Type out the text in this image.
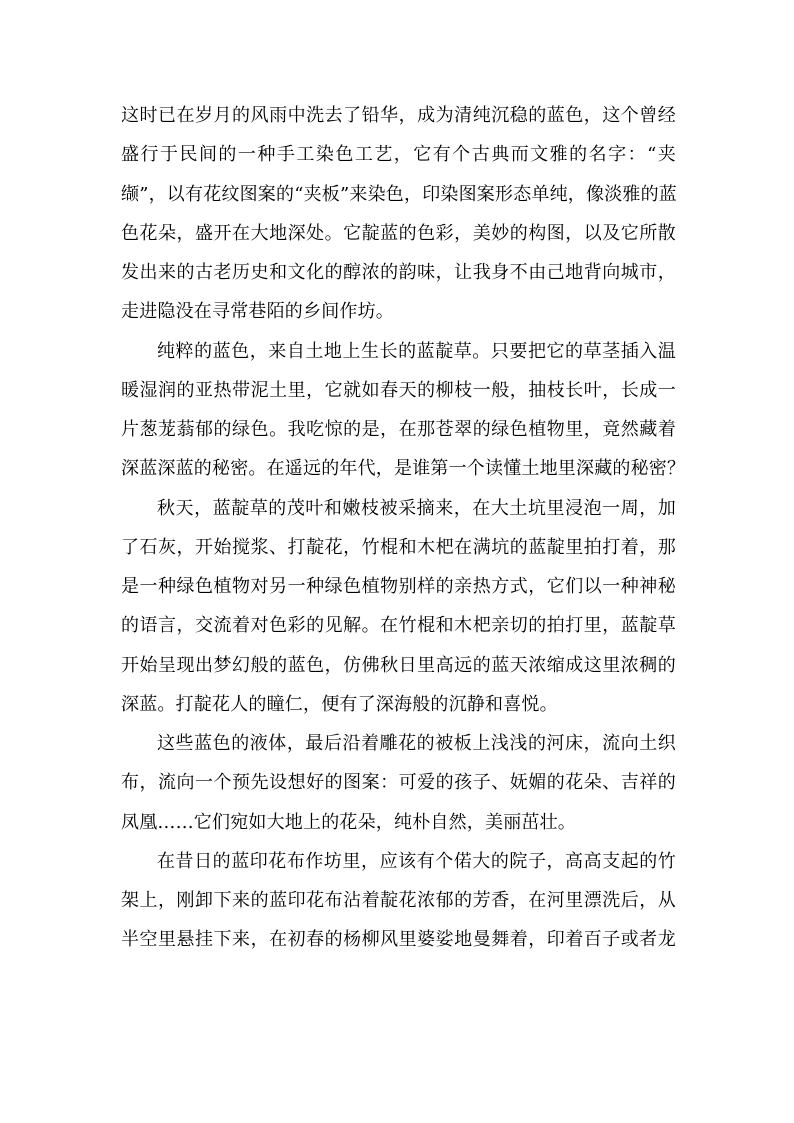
这时已在岁月的风雨中洗去了铅华，成为清纯沉稳的蓝色，这个曾经
盛行于民间的一种手工染色工艺，它有个古典而文雅的名字：“夹
缬”，以有花纹图案的“夹板”来染色，印染图案形态单纯，像淡雅的蓝
色花朵，盛开在大地深处。它靛蓝的色彩，美妙的构图，以及它所散
发出来的古老历史和文化的醇浓的韵味，让我身不由己地背向城市，
走进隐没在寻常巷陌的乡间作坊。
纯粹的蓝色，来自土地上生长的蓝靛草。只要把它的草茎插入温
暖湿润的亚热带泥土里，它就如春天的柳枝一般，抽枝长叶，长成一
片葱茏蓊郁的绿色。我吃惊的是，在那苍翠的绿色植物里，竟然藏着
深蓝深蓝的秘密。在遥远的年代，是谁第一个读懂土地里深藏的秘密？
秋天，蓝靛草的茂叶和嫩枝被采摘来，在大土坑里浸泡一周，加
了石灰，开始搅浆、打靛花，竹棍和木杷在满坑的蓝靛里拍打着，那
是一种绿色植物对另一种绿色植物别样的亲热方式，它们以一种神秘
的语言，交流着对色彩的见解。在竹棍和木杷亲切的拍打里，蓝靛草
开始呈现出梦幻般的蓝色，仿佛秋日里高远的蓝天浓缩成这里浓稠的
深蓝。打靛花人的瞳仁，便有了深海般的沉静和喜悦。
这些蓝色的液体，最后沿着雕花的被板上浅浅的河床，流向土织
布，流向一个预先设想好的图案：可爱的孩子、妩媚的花朵、吉祥的
凤凰……它们宛如大地上的花朵，纯朴自然，美丽茁壮。
在昔日的蓝印花布作坊里，应该有个偌大的院子，高高支起的竹
架上，刚卸下来的蓝印花布沾着靛花浓郁的芳香，在河里漂洗后，从
半空里悬挂下来，在初春的杨柳风里婆娑地曼舞着，印着百子或者龙
